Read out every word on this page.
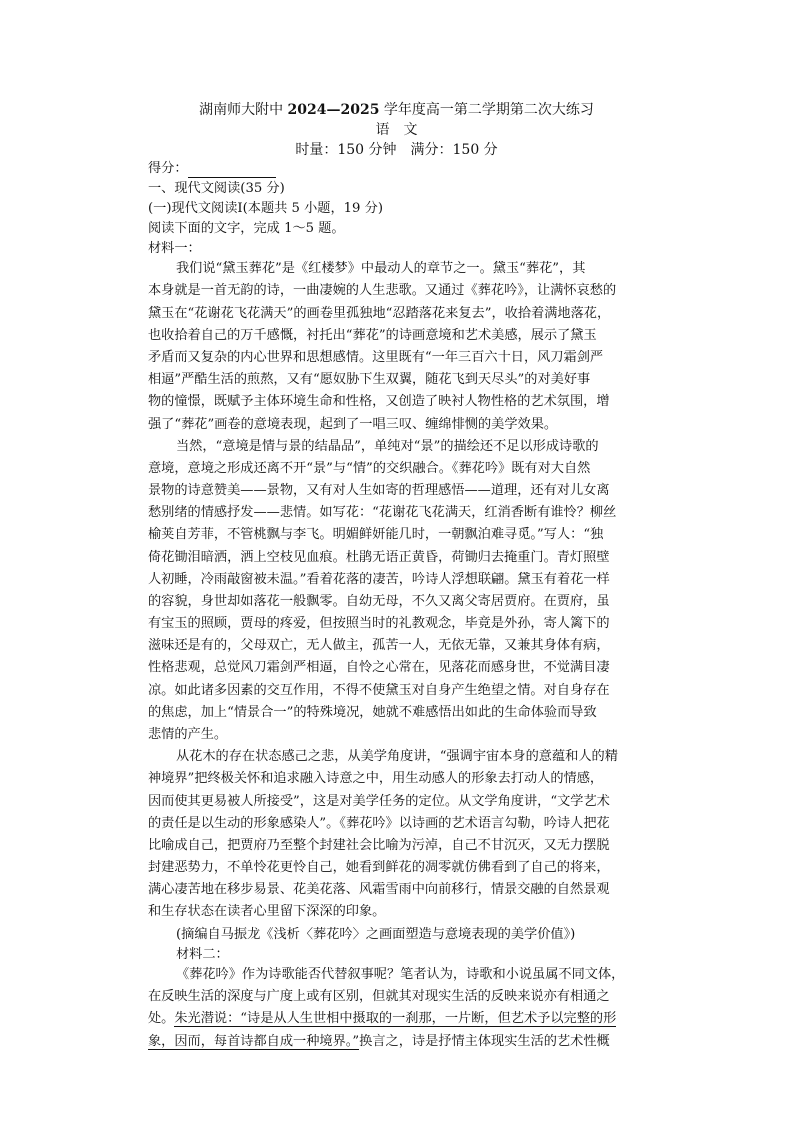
湖南师大附中 2024—2025 学年度高一第二学期第二次大练习
语　文
时量：150 分钟　满分：150 分
得分：
一、现代文阅读(35 分)
(一)现代文阅读Ⅰ(本题共 5 小题，19 分)
阅读下面的文字，完成 1～5 题。
材料一：
我们说“黛玉葬花”是《红楼梦》中最动人的章节之一。黛玉“葬花”，其
本身就是一首无韵的诗，一曲凄婉的人生悲歌。又通过《葬花吟》，让满怀哀愁的
黛玉在“花谢花飞花满天”的画卷里孤独地“忍踏落花来复去”，收拾着满地落花，
也收拾着自己的万千感慨，衬托出“葬花”的诗画意境和艺术美感，展示了黛玉
矛盾而又复杂的内心世界和思想感情。这里既有“一年三百六十日，风刀霜剑严
相逼”严酷生活的煎熬，又有“愿奴胁下生双翼，随花飞到天尽头”的对美好事
物的憧憬，既赋予主体环境生命和性格，又创造了映衬人物性格的艺术氛围，增
强了“葬花”画卷的意境表现，起到了一唱三叹、缠绵悱恻的美学效果。
当然，“意境是情与景的结晶品”，单纯对“景”的描绘还不足以形成诗歌的
意境，意境之形成还离不开“景”与“情”的交织融合。《葬花吟》既有对大自然
景物的诗意赞美——景物，又有对人生如寄的哲理感悟——道理，还有对儿女离
愁别绪的情感抒发——悲情。如写花：“花谢花飞花满天，红消香断有谁怜？柳丝
榆荚自芳菲，不管桃飘与李飞。明媚鲜妍能几时，一朝飘泊难寻觅。”写人：“独
倚花锄泪暗洒，洒上空枝见血痕。杜鹃无语正黄昏，荷锄归去掩重门。青灯照壁
人初睡，冷雨敲窗被未温。”看着花落的凄苦，吟诗人浮想联翩。黛玉有着花一样
的容貌，身世却如落花一般飘零。自幼无母，不久又离父寄居贾府。在贾府，虽
有宝玉的照顾，贾母的疼爱，但按照当时的礼教观念，毕竟是外孙，寄人篱下的
滋味还是有的，父母双亡，无人做主，孤苦一人，无依无靠，又兼其身体有病，
性格悲观，总觉风刀霜剑严相逼，自怜之心常在，见落花而感身世，不觉满目凄
凉。如此诸多因素的交互作用，不得不使黛玉对自身产生绝望之情。对自身存在
的焦虑，加上“情景合一”的特殊境况，她就不难感悟出如此的生命体验而导致
悲情的产生。
从花木的存在状态感己之悲，从美学角度讲，“强调宇宙本身的意蕴和人的精
神境界”把终极关怀和追求融入诗意之中，用生动感人的形象去打动人的情感，
因而使其更易被人所接受”，这是对美学任务的定位。从文学角度讲，“文学艺术
的责任是以生动的形象感染人”。《葬花吟》以诗画的艺术语言勾勒，吟诗人把花
比喻成自己，把贾府乃至整个封建社会比喻为污淖，自己不甘沉灭，又无力摆脱
封建恶势力，不单怜花更怜自己，她看到鲜花的凋零就仿佛看到了自己的将来，
满心凄苦地在移步易景、花美花落、风霜雪雨中向前移行，情景交融的自然景观
和生存状态在读者心里留下深深的印象。
(摘编自马振龙《浅析〈葬花吟〉之画面塑造与意境表现的美学价值》)
材料二：
《葬花吟》作为诗歌能否代替叙事呢？笔者认为，诗歌和小说虽属不同文体，
在反映生活的深度与广度上或有区别，但就其对现实生活的反映来说亦有相通之
处。朱光潜说：“诗是从人生世相中摄取的一刹那，一片断，但艺术予以完整的形
象，因而，每首诗都自成一种境界。”换言之，诗是抒情主体现实生活的艺术性概
